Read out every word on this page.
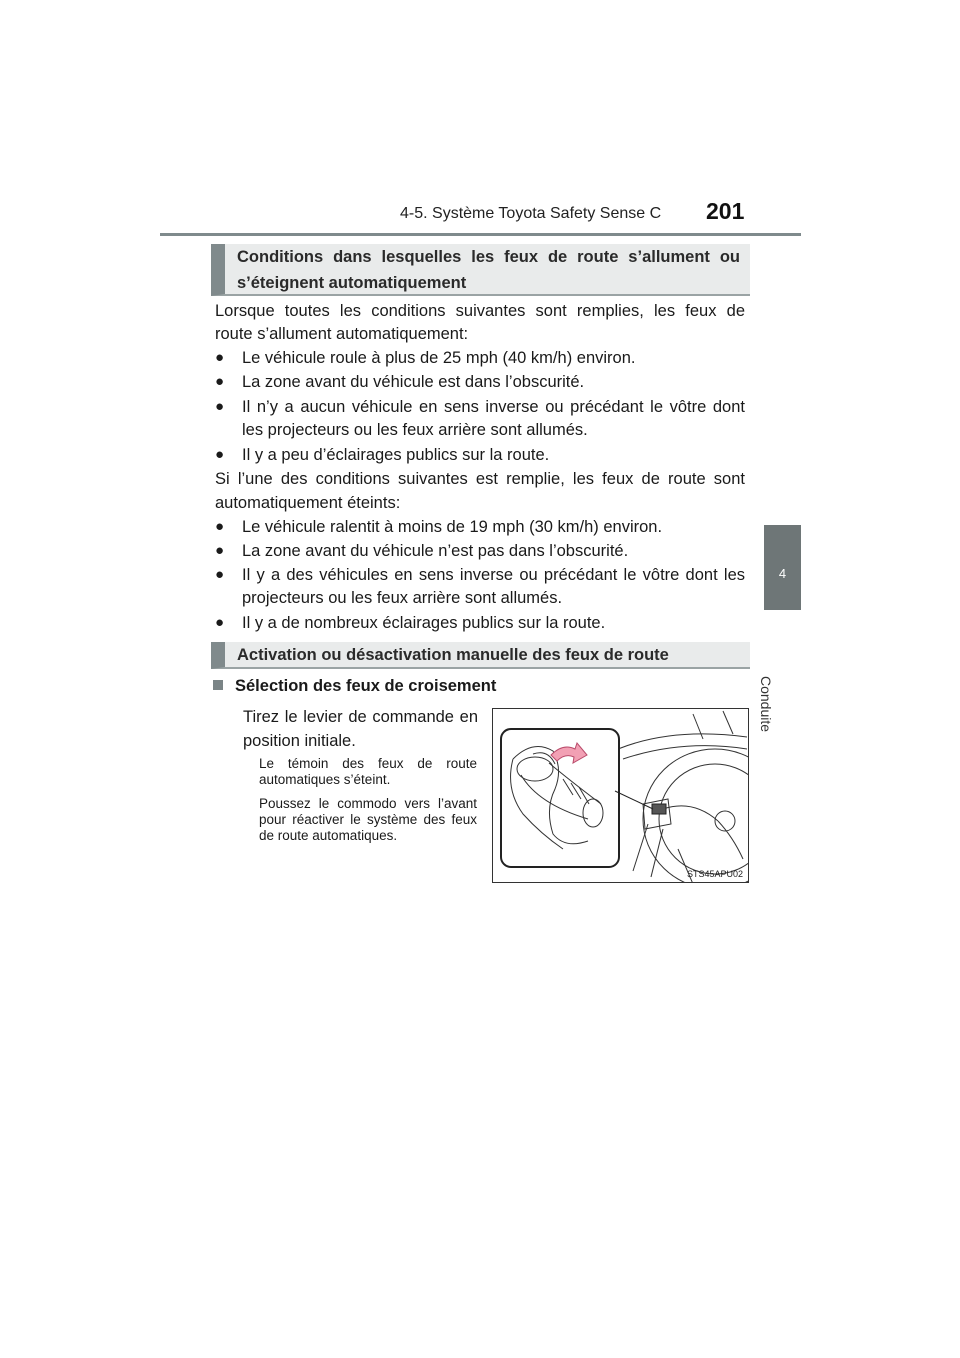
4-5. Système Toyota Safety Sense C 201
4
Conduite
Conditions dans lesquelles les feux de route s’allument ou
s’éteignent automatiquement
Lorsque toutes les conditions suivantes sont remplies, les feux de
route s’allument automatiquement:
● Le véhicule roule à plus de 25 mph (40 km/h) environ.
● La zone avant du véhicule est dans l’obscurité.
● Il n’y a aucun véhicule en sens inverse ou précédant le vôtre dont
les projecteurs ou les feux arrière sont allumés.
● Il y a peu d’éclairages publics sur la route.
Si l’une des conditions suivantes est remplie, les feux de route sont
automatiquement éteints:
● Le véhicule ralentit à moins de 19 mph (30 km/h) environ.
● La zone avant du véhicule n’est pas dans l’obscurité.
● Il y a des véhicules en sens inverse ou précédant le vôtre dont les
projecteurs ou les feux arrière sont allumés.
● Il y a de nombreux éclairages publics sur la route.
Activation ou désactivation manuelle des feux de route
Sélection des feux de croisement
Tirez le levier de commande en position initiale.
Le témoin des feux de route automatiques s’éteint.
Poussez le commodo vers l’avant pour réactiver le système des feux de route automatiques.
STS45APU02
